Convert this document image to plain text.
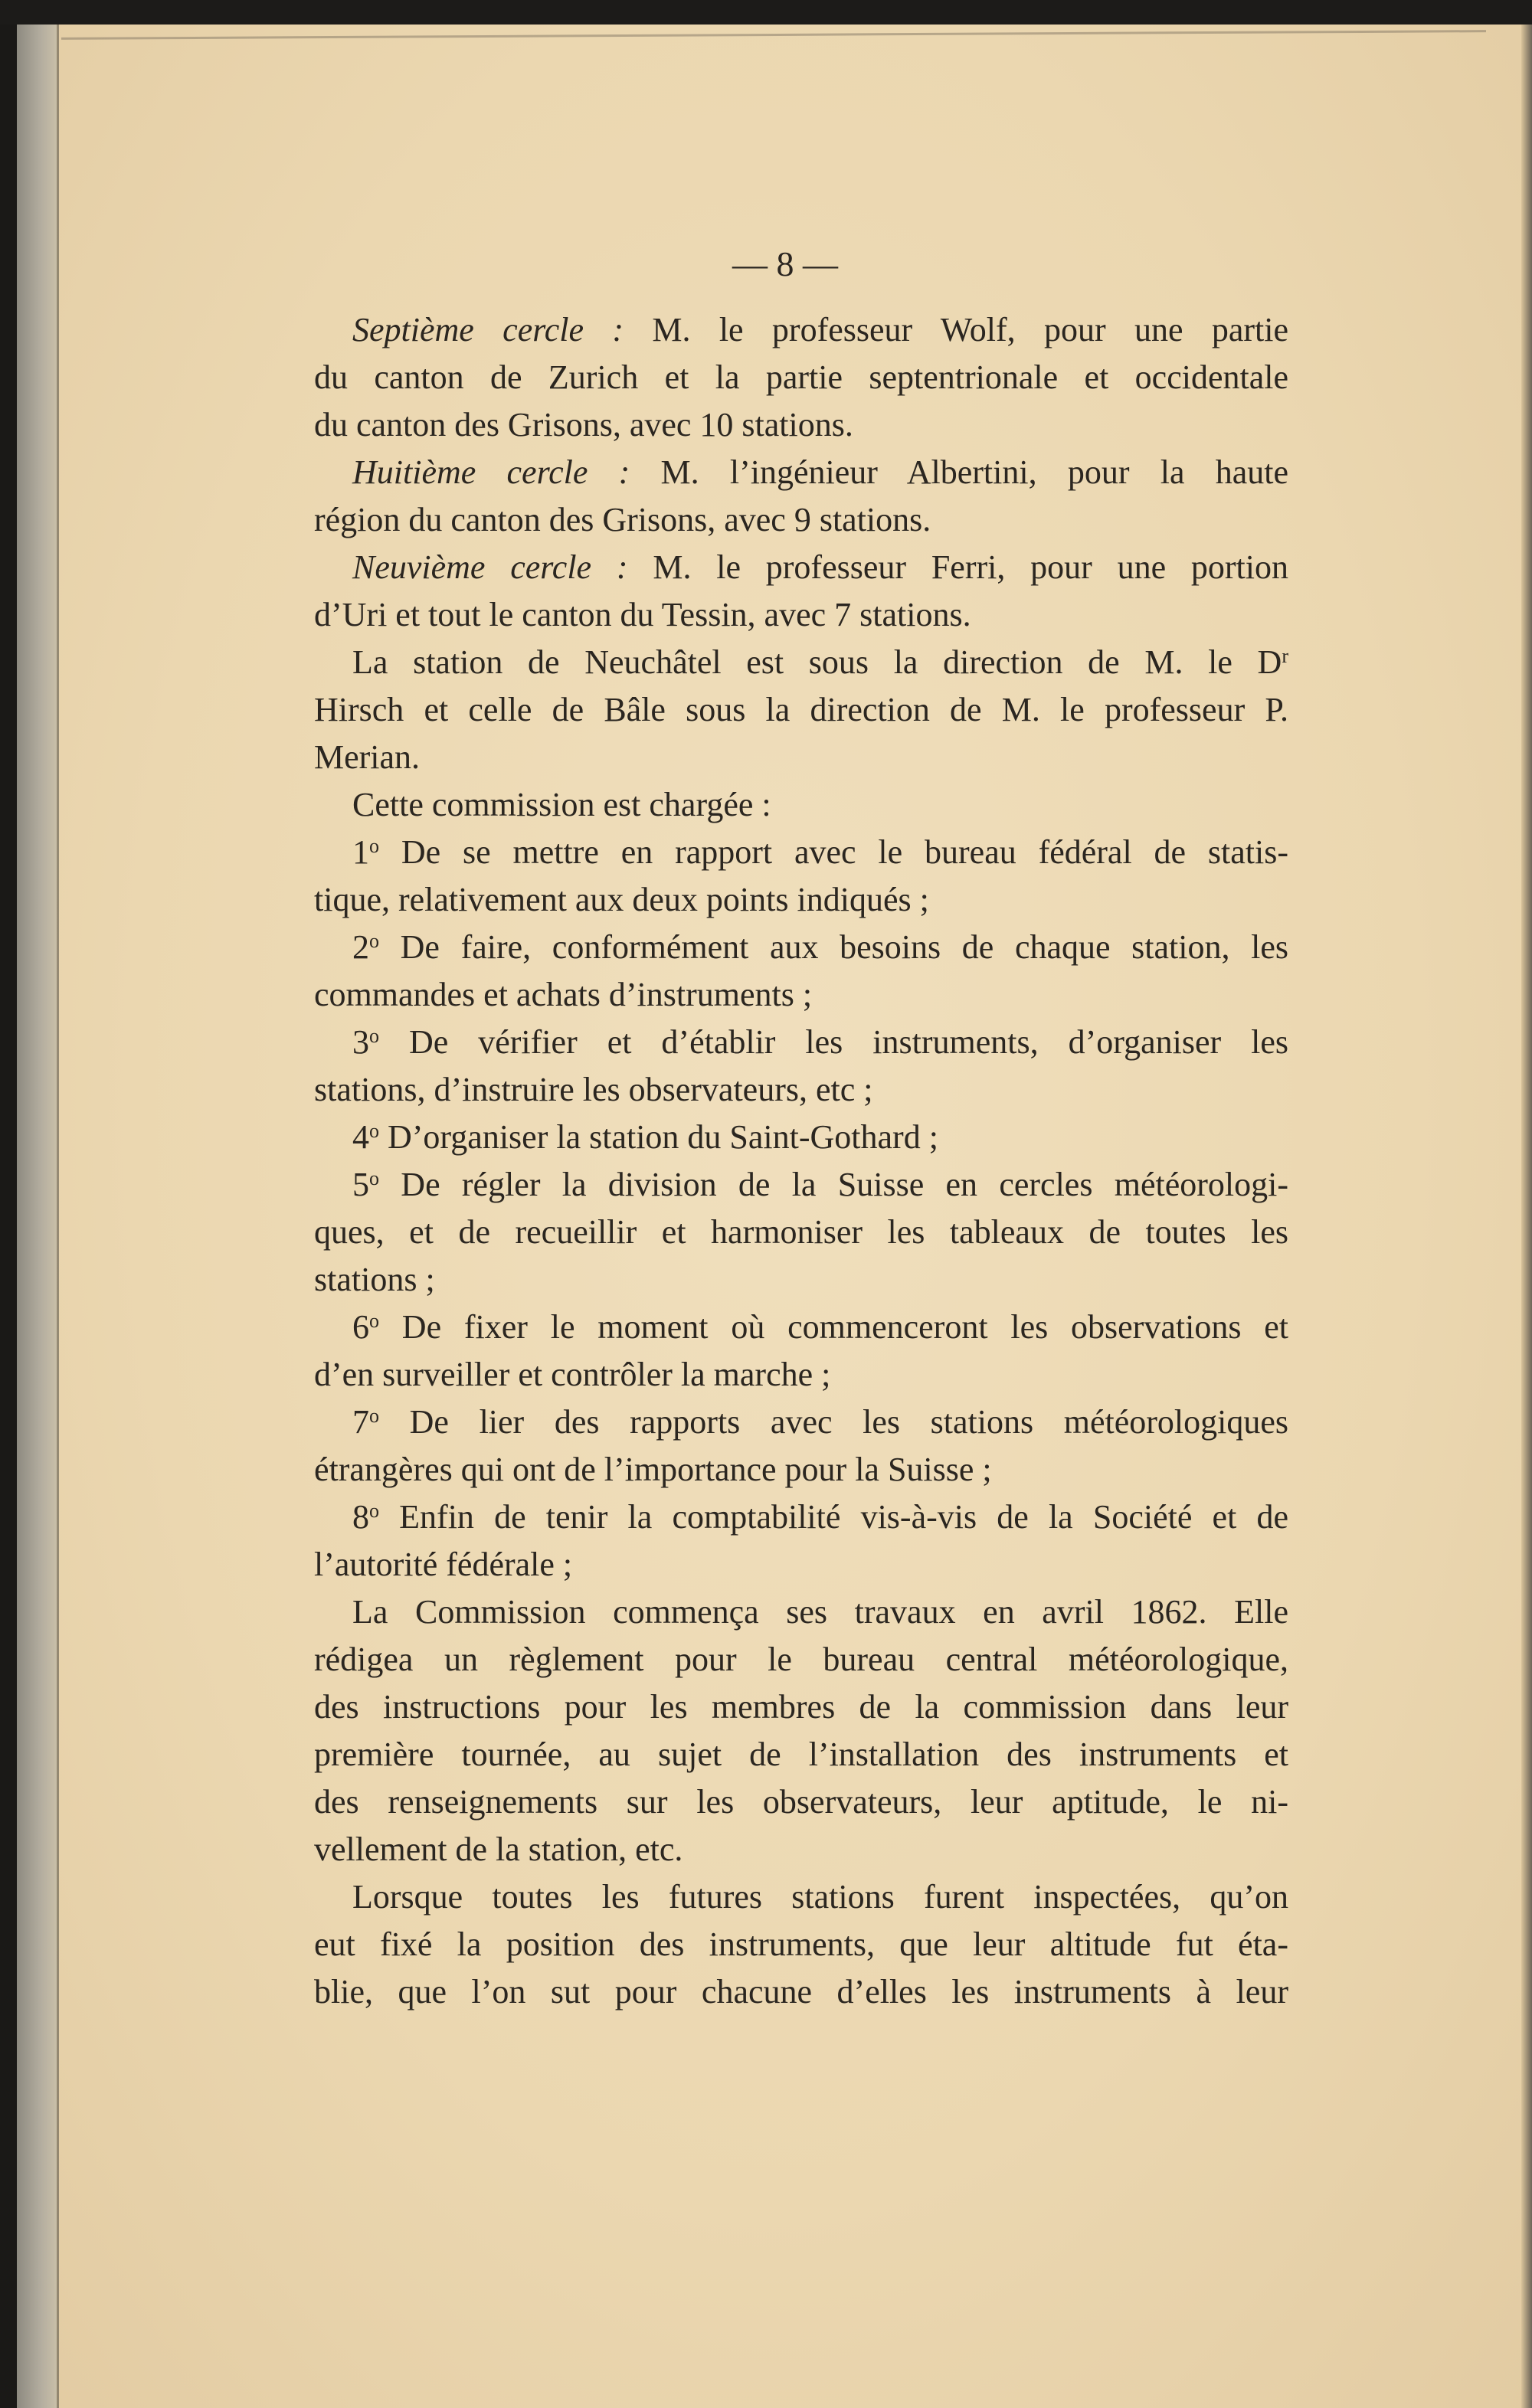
— 8 —
Septième cercle : M. le professeur Wolf, pour une partie
du canton de Zurich et la partie septentrionale et occidentale
du canton des Grisons, avec 10 stations.
Huitième cercle : M. l’ingénieur Albertini, pour la haute
région du canton des Grisons, avec 9 stations.
Neuvième cercle : M. le professeur Ferri, pour une portion
d’Uri et tout le canton du Tessin, avec 7 stations.
La station de Neuchâtel est sous la direction de M. le $D^r$
Hirsch et celle de Bâle sous la direction de M. le professeur P.
Merian.
Cette commission est chargée :
1$^o$ De se mettre en rapport avec le bureau fédéral de statis-
tique, relativement aux deux points indiqués ;
2$^o$ De faire, conformément aux besoins de chaque station, les
commandes et achats d’instruments ;
3$^o$ De vérifier et d’établir les instruments, d’organiser les
stations, d’instruire les observateurs, etc ;
4$^o$ D’organiser la station du Saint-Gothard ;
5$^o$ De régler la division de la Suisse en cercles météorologi-
ques, et de recueillir et harmoniser les tableaux de toutes les
stations ;
6$^o$ De fixer le moment où commenceront les observations et
d’en surveiller et contrôler la marche ;
7$^o$ De lier des rapports avec les stations météorologiques
étrangères qui ont de l’importance pour la Suisse ;
8$^o$ Enfin de tenir la comptabilité vis-à-vis de la Société et de
l’autorité fédérale ;
La Commission commença ses travaux en avril 1862. Elle
rédigea un règlement pour le bureau central météorologique,
des instructions pour les membres de la commission dans leur
première tournée, au sujet de l’installation des instruments et
des renseignements sur les observateurs, leur aptitude, le ni-
vellement de la station, etc.
Lorsque toutes les futures stations furent inspectées, qu’on
eut fixé la position des instruments, que leur altitude fut éta-
blie, que l’on sut pour chacune d’elles les instruments à leur
